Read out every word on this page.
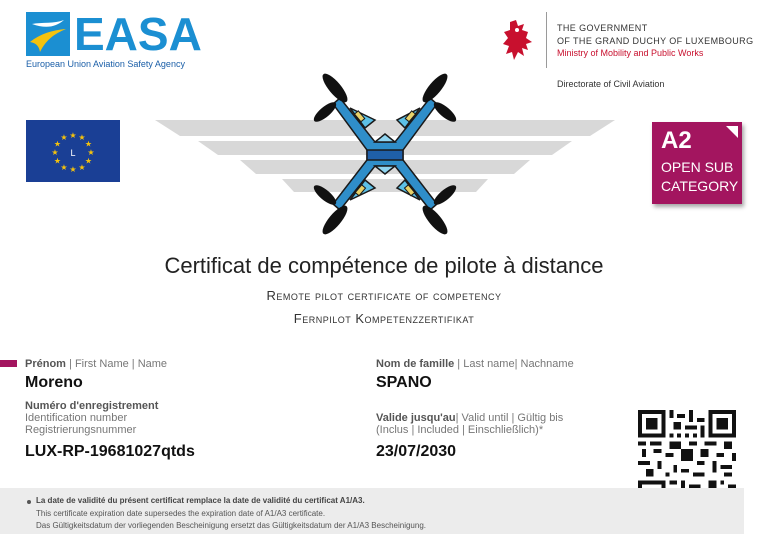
EASA
European Union Aviation Safety Agency
THE GOVERNMENT
OF THE GRAND DUCHY OF LUXEMBOURG
Ministry of Mobility and Public Works
Directorate of Civil Aviation
★ ★
★
★
★
★
★
★
★
★
★
★
L	A2
OPEN SUB
CATEGORY
Certificat de compétence de pilote à distance
Remote pilot certificate of competency
Fernpilot Kompetenzzertifikat
Prénom | First Name | Name
Moreno
Nom de famille | Last name| Nachname
SPANO
Numéro d'enregistrement
Identification number
Registrierungsnummer
LUX-RP-19681027qtds
Valide jusqu'au| Valid until | Gültig bis
(Inclus | Included | Einschließlich)*
23/07/2030
La date de validité du présent certificat remplace la date de validité du certificat A1/A3.
This certificate expiration date supersedes the expiration date of A1/A3 certificate.
Das Gültigkeitsdatum der vorliegenden Bescheinigung ersetzt das Gültigkeitsdatum der A1/A3 Bescheinigung.
